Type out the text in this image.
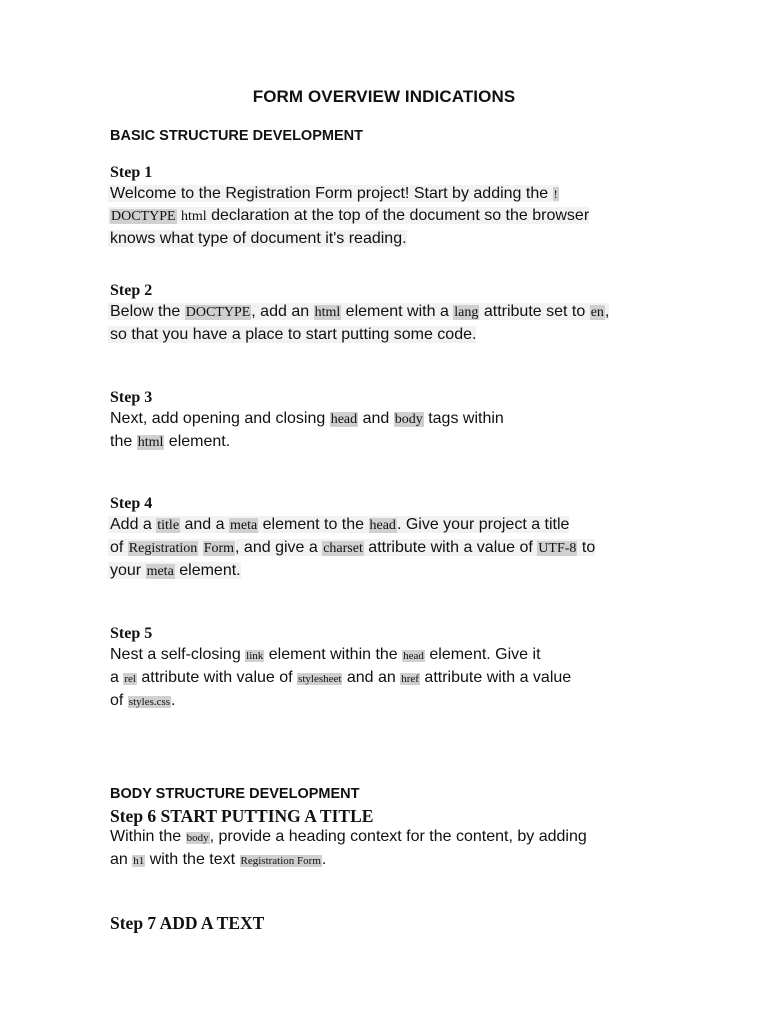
FORM OVERVIEW INDICATIONS
BASIC STRUCTURE DEVELOPMENT

Step 1

Welcome to the Registration Form project! Start by adding the !
DOCTYPE html declaration at the top of the document so the browser
knows what type of document it's reading.

Step 2

Below the DOCTYPE, add an html element with a lang attribute set to en,
so that you have a place to start putting some code.

Step 3

Next, add opening and closing head and body tags within
the html element.

Step 4

Add a title and a meta element to the head. Give your project a title
of Registration Form, and give a charset attribute with a value of UTF-8 to
your meta element.

Step 5

Nest a self-closing link element within the head element. Give it
a rel attribute with value of stylesheet and an href attribute with a value
of styles.css.

BODY STRUCTURE DEVELOPMENT

Step 6 START PUTTING A TITLE

Within the body, provide a heading context for the content, by adding
an h1 with the text Registration Form.

Step 7 ADD A TEXT
